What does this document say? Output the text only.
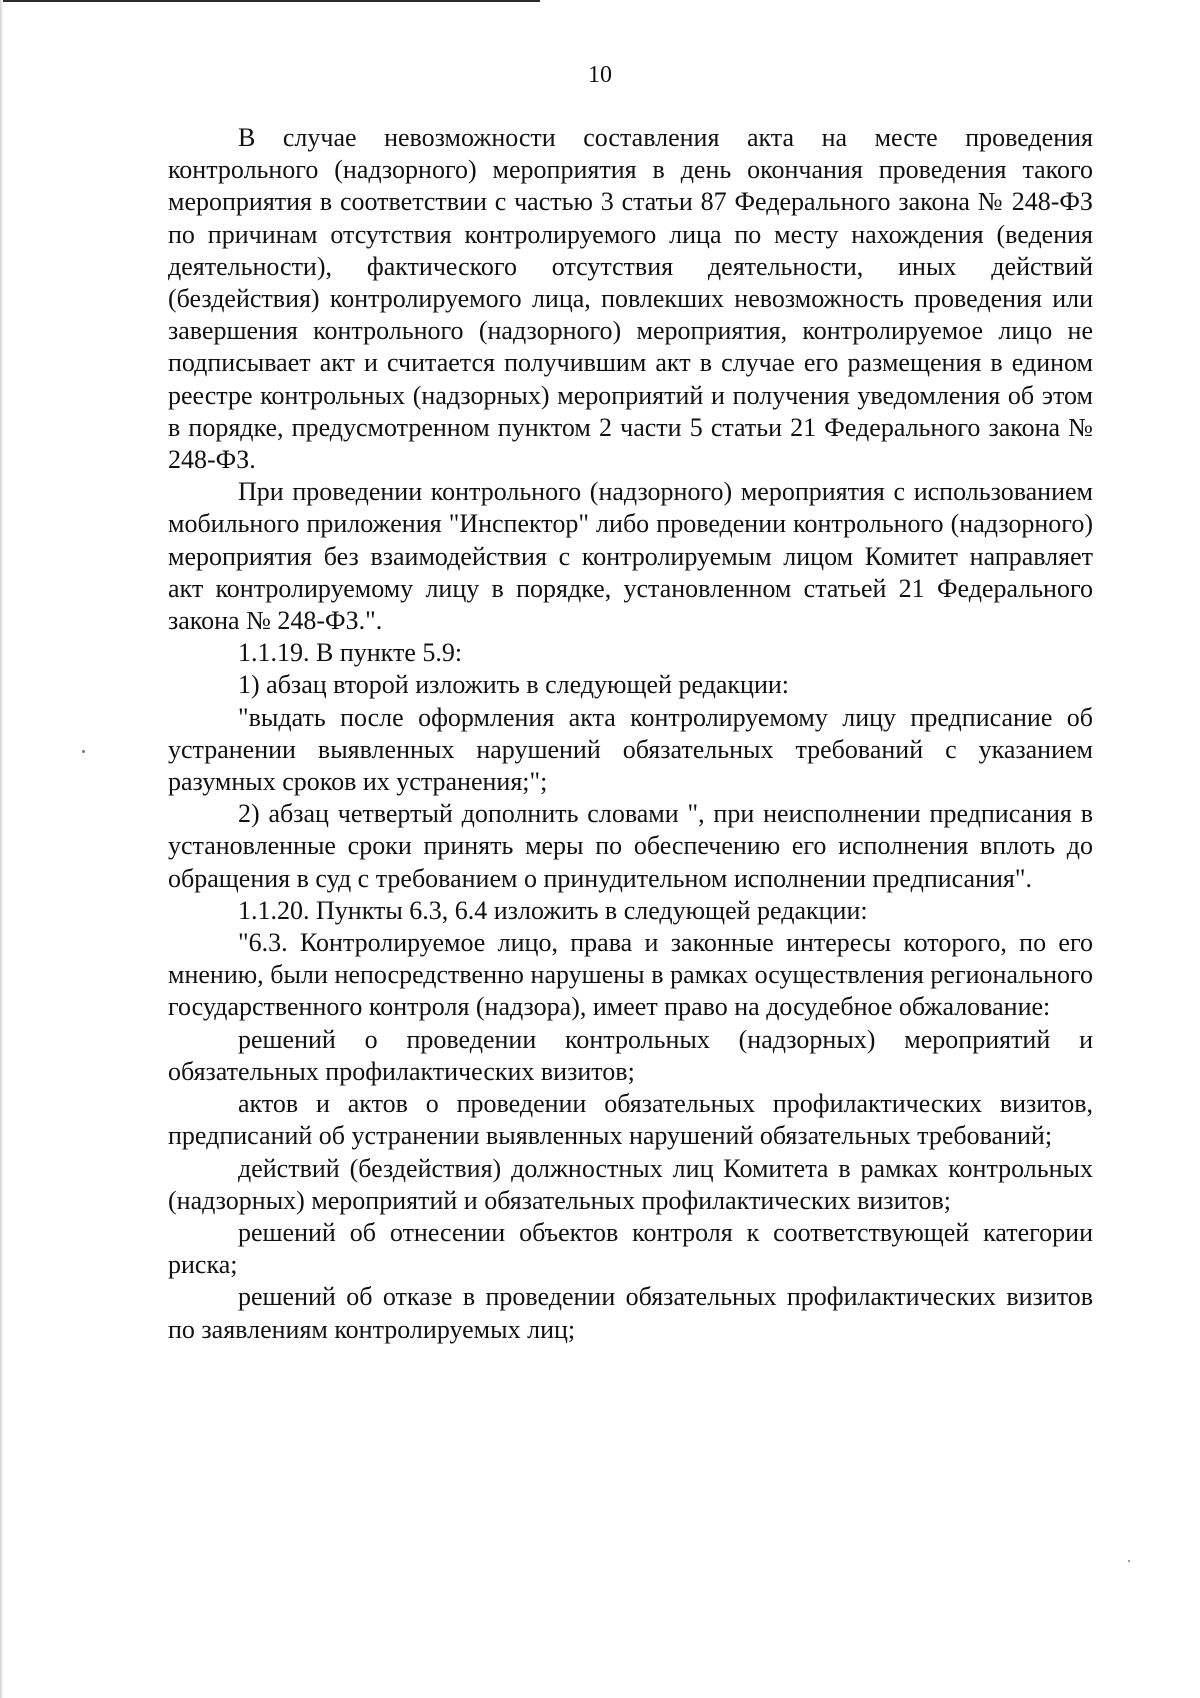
10

В случае невозможности составления акта на месте проведения контрольного (надзорного) мероприятия в день окончания проведения такого мероприятия в соответствии с частью 3 статьи 87 Федерального закона № 248-ФЗ по причинам отсутствия контролируемого лица по месту нахождения (ведения деятельности), фактического отсутствия деятельности, иных действий (бездействия) контролируемого лица, повлекших невозможность проведения или завершения контрольного (надзорного) мероприятия, контролируемое лицо не подписывает акт и считается получившим акт в случае его размещения в едином реестре контрольных (надзорных) мероприятий и получения уведомления об этом в порядке, предусмотренном пунктом 2 части 5 статьи 21 Федерального закона № 248-ФЗ.

При проведении контрольного (надзорного) мероприятия с использованием мобильного приложения "Инспектор" либо проведении контрольного (надзорного) мероприятия без взаимодействия с контролируемым лицом Комитет направляет акт контролируемому лицу в порядке, установленном статьей 21 Федерального закона № 248-ФЗ.".

1.1.19. В пункте 5.9:

1) абзац второй изложить в следующей редакции:

"выдать после оформления акта контролируемому лицу предписание об устранении выявленных нарушений обязательных требований с указанием разумных сроков их устранения;";

2) абзац четвертый дополнить словами ", при неисполнении предписания в установленные сроки принять меры по обеспечению его исполнения вплоть до обращения в суд с требованием о принудительном исполнении предписания".

1.1.20. Пункты 6.3, 6.4 изложить в следующей редакции:

"6.3. Контролируемое лицо, права и законные интересы которого, по его мнению, были непосредственно нарушены в рамках осуществления регионального государственного контроля (надзора), имеет право на досудебное обжалование:

решений о проведении контрольных (надзорных) мероприятий и обязательных профилактических визитов;

актов и актов о проведении обязательных профилактических визитов, предписаний об устранении выявленных нарушений обязательных требований;

действий (бездействия) должностных лиц Комитета в рамках контрольных (надзорных) мероприятий и обязательных профилактических визитов;

решений об отнесении объектов контроля к соответствующей категории риска;

решений об отказе в проведении обязательных профилактических визитов по заявлениям контролируемых лиц;
